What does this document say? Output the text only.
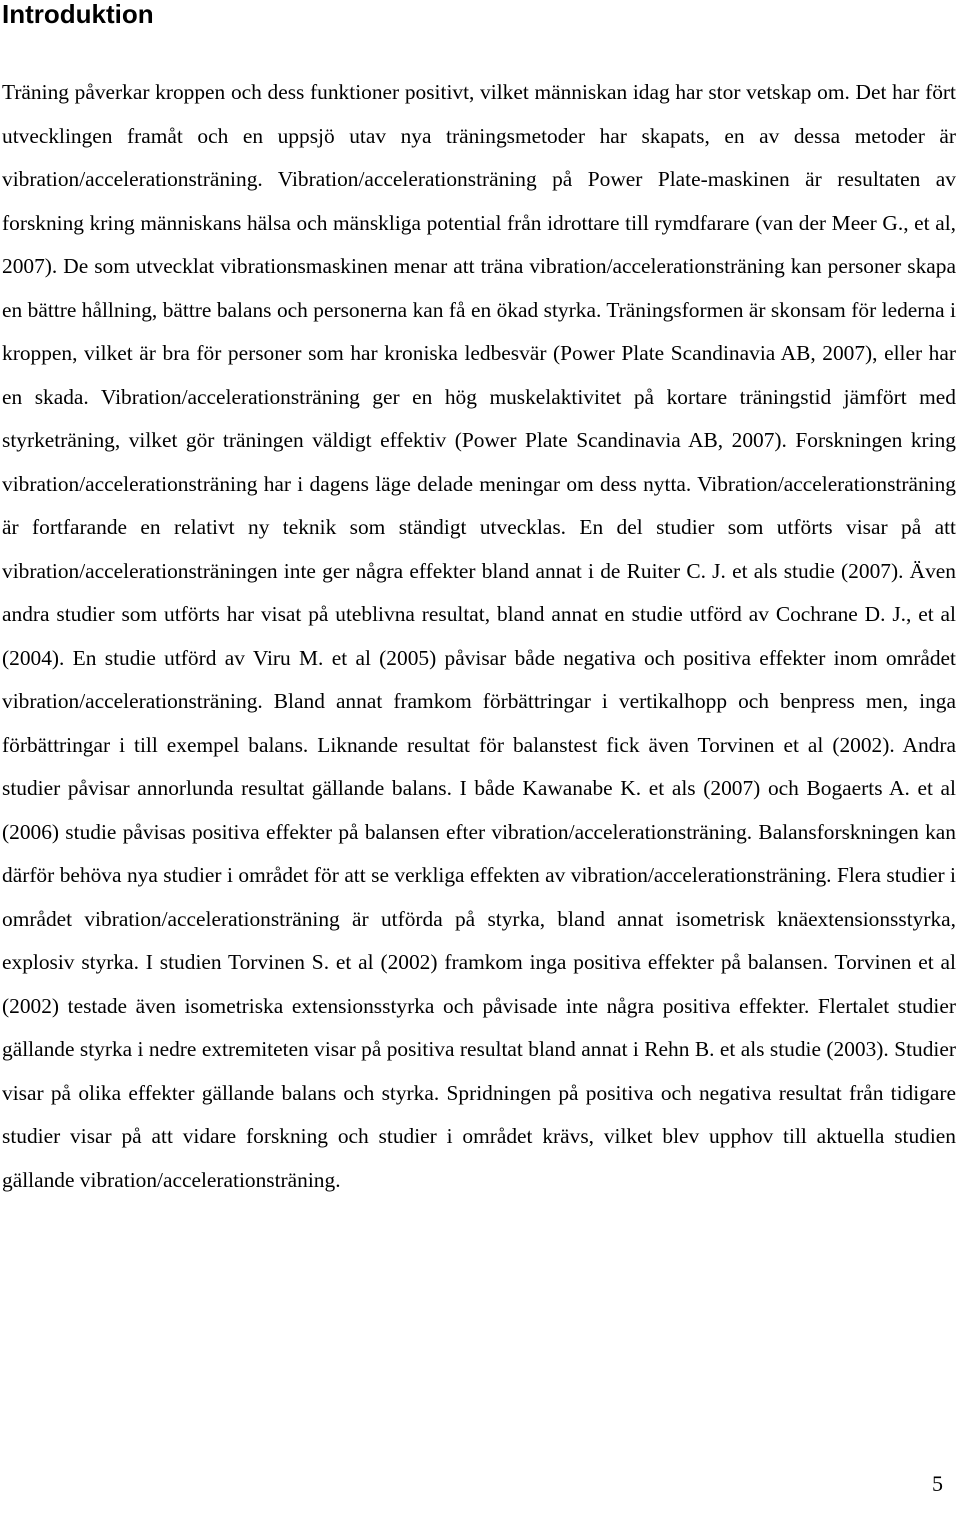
Introduktion

Träning påverkar kroppen och dess funktioner positivt, vilket människan idag har stor vetskap om. Det har fört utvecklingen framåt och en uppsjö utav nya träningsmetoder har skapats, en av dessa metoder är vibration/accelerationsträning. Vibration/accelerationsträning på Power Plate-maskinen är resultaten av forskning kring människans hälsa och mänskliga potential från idrottare till rymdfarare (van der Meer G., et al, 2007). De som utvecklat vibrationsmaskinen menar att träna vibration/accelerationsträning kan personer skapa en bättre hållning, bättre balans och personerna kan få en ökad styrka. Träningsformen är skonsam för lederna i kroppen, vilket är bra för personer som har kroniska ledbesvär (Power Plate Scandinavia AB, 2007), eller har en skada. Vibration/accelerationsträning ger en hög muskelaktivitet på kortare träningstid jämfört med styrketräning, vilket gör träningen väldigt effektiv (Power Plate Scandinavia AB, 2007). Forskningen kring vibration/accelerationsträning har i dagens läge delade meningar om dess nytta. Vibration/accelerationsträning är fortfarande en relativt ny teknik som ständigt utvecklas. En del studier som utförts visar på att vibration/accelerationsträningen inte ger några effekter bland annat i de Ruiter C. J. et als studie (2007). Även andra studier som utförts har visat på uteblivna resultat, bland annat en studie utförd av Cochrane D. J., et al (2004). En studie utförd av Viru M. et al (2005) påvisar både negativa och positiva effekter inom området vibration/accelerationsträning. Bland annat framkom förbättringar i vertikalhopp och benpress men, inga förbättringar i till exempel balans. Liknande resultat för balanstest fick även Torvinen et al (2002). Andra studier påvisar annorlunda resultat gällande balans. I både Kawanabe K. et als (2007) och Bogaerts A. et al (2006) studie påvisas positiva effekter på balansen efter vibration/accelerationsträning. Balansforskningen kan därför behöva nya studier i området för att se verkliga effekten av vibration/accelerationsträning. Flera studier i området vibration/accelerationsträning är utförda på styrka, bland annat isometrisk knäextensionsstyrka, explosiv styrka. I studien Torvinen S. et al (2002) framkom inga positiva effekter på balansen. Torvinen et al (2002) testade även isometriska extensionsstyrka och påvisade inte några positiva effekter. Flertalet studier gällande styrka i nedre extremiteten visar på positiva resultat bland annat i Rehn B. et als studie (2003). Studier visar på olika effekter gällande balans och styrka. Spridningen på positiva och negativa resultat från tidigare studier visar på att vidare forskning och studier i området krävs, vilket blev upphov till aktuella studien gällande vibration/accelerationsträning.

5
